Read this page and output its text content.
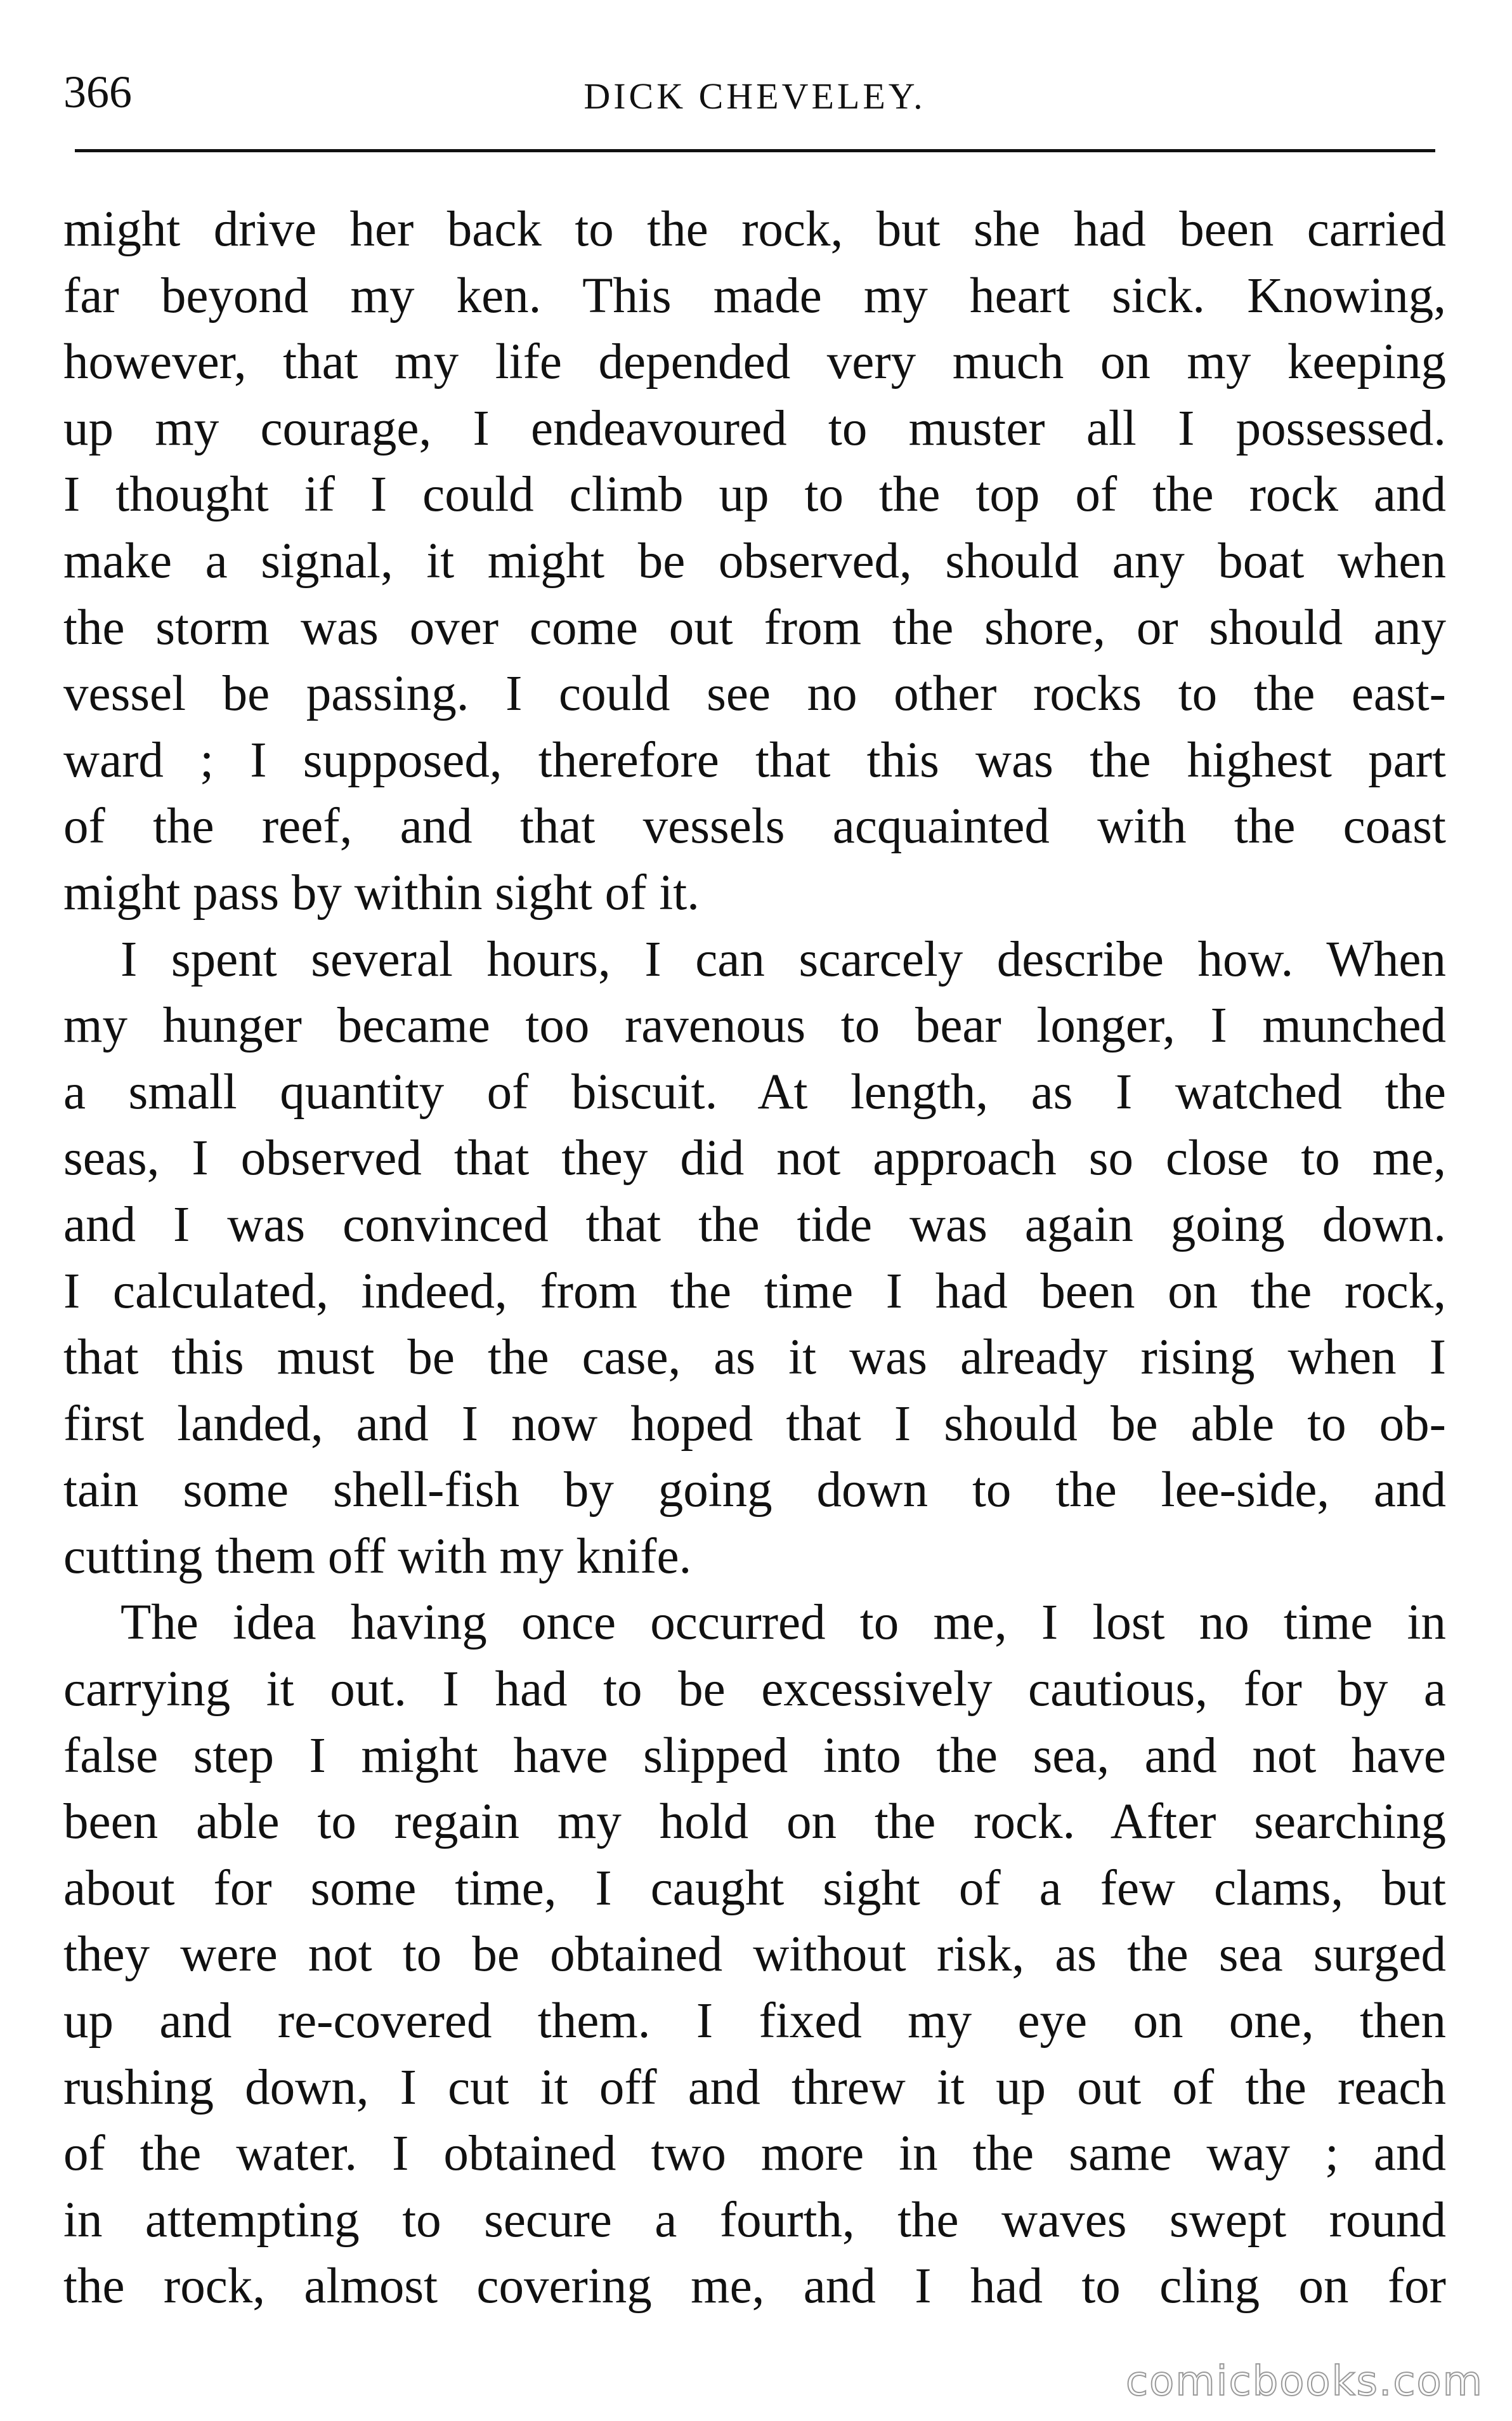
366	DICK CHEVELEY.
might drive her back to the rock, but she had been carried
far beyond my ken. This made my heart sick. Knowing,
however, that my life depended very much on my keeping
up my courage, I endeavoured to muster all I possessed.
I thought if I could climb up to the top of the rock and
make a signal, it might be observed, should any boat when
the storm was over come out from the shore, or should any
vessel be passing. I could see no other rocks to the east-
ward ; I supposed, therefore that this was the highest part
of the reef, and that vessels acquainted with the coast
might pass by within sight of it.
I spent several hours, I can scarcely describe how. When
my hunger became too ravenous to bear longer, I munched
a small quantity of biscuit. At length, as I watched the
seas, I observed that they did not approach so close to me,
and I was convinced that the tide was again going down.
I calculated, indeed, from the time I had been on the rock,
that this must be the case, as it was already rising when I
first landed, and I now hoped that I should be able to ob-
tain some shell-fish by going down to the lee-side, and
cutting them off with my knife.
The idea having once occurred to me, I lost no time in
carrying it out. I had to be excessively cautious, for by a
false step I might have slipped into the sea, and not have
been able to regain my hold on the rock. After searching
about for some time, I caught sight of a few clams, but
they were not to be obtained without risk, as the sea surged
up and re-covered them. I fixed my eye on one, then
rushing down, I cut it off and threw it up out of the reach
of the water. I obtained two more in the same way ; and
in attempting to secure a fourth, the waves swept round
the rock, almost covering me, and I had to cling on for
comicbooks.com
